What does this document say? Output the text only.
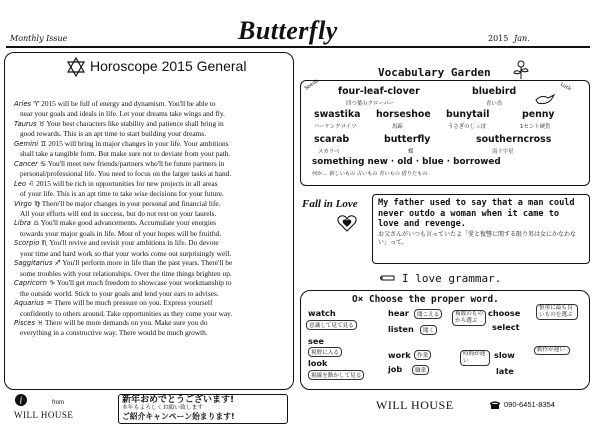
Monthly Issue	Butterfly	2015 Jan.
Horoscope 2015 General
Aries ♈ 2015 will be full of energy and dynamism. You'll be able to
near your goals and ideals in life. Let your dreams take wings and fly.
Taurus ♉ Your best characters like stability and patience shall bring in
good rewards. This is an apt time to start building your dreams.
Gemini ♊ 2015 will bring in major changes in your life. Your ambitions
shall take a tangible form. But make sure not to deviate from your path.
Cancer ♋ You'll meet new friends/partners who'll be future partners in
personal/professional life. You need to focus on the larger tasks at hand.
Leo ♌ 2015 will be rich in opportunities for new projects in all areas
of your life. This is an apt time to take wise decisions for your future.
Virgo ♍ There'll be major changes in your personal and financial life.
All your efforts will end in success, but do not rest on your laurels.
Libra ♎ You'll make good advancements. Accumulate your energies
towards your major goals in life. Most of your hopes will be fruitful.
Scorpio ♏ You'll revive and revisit your ambitions in life. Do devote
your time and hard work so that your works come out surprisingly well.
Saggitarius ♐ You'll perform more in life than the past years. There'll be
some troubles with your relationships. Over the time things brighten up.
Capricorn ♑ You'll get much freedom to showcase your workmanship to
the outside world. Stick to your goals and lend your ears to advises.
Aquarius ♒ There will be much pressure on you. Express yourself
confidently to others around. Take opportunities as they come your way.
Pisces ♓ There will be more demands on you. Make sure you do
everything in a constructive way. There would be much growth.
Vocabulary Garden
Seeds	Luck
four-leaf-clover
四つ葉のクローバー
bluebird
青い鳥
swastika
ハーケンクロイツ
horseshoe
馬蹄
bunytail
うさぎのしっぽ
penny
1セント硬貨
scarab
スカラベ
butterfly
蝶
southerncross
南十字星
something new · old · blue · borrowed
何か… 新しいもの 古いもの 青いもの 借りたもの
Fall in Love	My father used to say that a man could never outdo a woman when it came to love and revenge.
お父さんがいつも言っていたよ「愛と復讐に関する限り男は女にかなわない」って。
I love grammar.
O× Choose the proper word.
watch
意識して見て見る
hear	聞こえる
listen	聞く
see
視野に入る
look
視線を動かして見る
choose
複数のものから選ぶ
select
慎重に最も良いものを選ぶ
work	作業
job	職業
slow
時間が遅い
late
動作が遅い
i	from
WILL HOUSE
新年おめでとうございます!
本年もよろしくお願い致します
ご紹介キャンペーン始まります!
WILL HOUSE	090-6451-8354
